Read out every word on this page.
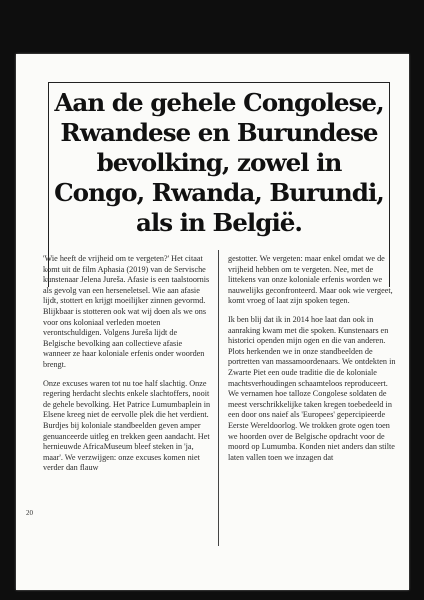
Aan de gehele Congolese, Rwandese en Burundese bevolking, zowel in Congo, Rwanda, Burundi, als in België.

'Wie heeft de vrijheid om te vergeten?' Het citaat komt uit de film Aphasia (2019) van de Servische kunstenaar Jelena Jureša. Afasie is een taalstoornis als gevolg van een herseneletsel. Wie aan afasie lijdt, stottert en krijgt moeilijker zinnen gevormd. Blijkbaar is stotteren ook wat wij doen als we ons voor ons koloniaal verleden moeten verontschuldigen. Volgens Jureša lijdt de Belgische bevolking aan collectieve afasie wanneer ze haar koloniale erfenis onder woorden brengt.

Onze excuses waren tot nu toe half slachtig. Onze regering herdacht slechts enkele slachtoffers, nooit de gehele bevolking. Het Patrice Lumumbaplein in Elsene kreeg niet de eervolle plek die het verdient. Burdjes bij koloniale standbeelden geven amper genuanceerde uitleg en trekken geen aandacht. Het hernieuwde AfricaMuseum bleef steken in 'ja, maar'. We verzwijgen: onze excuses komen niet verder dan flauw

gestotter. We vergeten: maar enkel omdat we de vrijheid hebben om te vergeten. Nee, met de littekens van onze koloniale erfenis worden we nauwelijks geconfronteerd. Maar ook wie vergeet, komt vroeg of laat zijn spoken tegen.

Ik ben blij dat ik in 2014 hoe laat dan ook in aanraking kwam met die spoken. Kunstenaars en historici openden mijn ogen en die van anderen. Plots herkenden we in onze standbeelden de portretten van massamoordenaars. We ontdekten in Zwarte Piet een oude traditie die de koloniale machtsverhoudingen schaamteloos reproduceert. We vernamen hoe talloze Congolese soldaten de meest verschrikkelijke taken kregen toebedeeld in een door ons naief als 'Europees' gepercipieerde Eerste Wereldoorlog. We trokken grote ogen toen we hoorden over de Belgische opdracht voor de moord op Lumumba. Konden niet anders dan stilte laten vallen toen we inzagen dat

20
